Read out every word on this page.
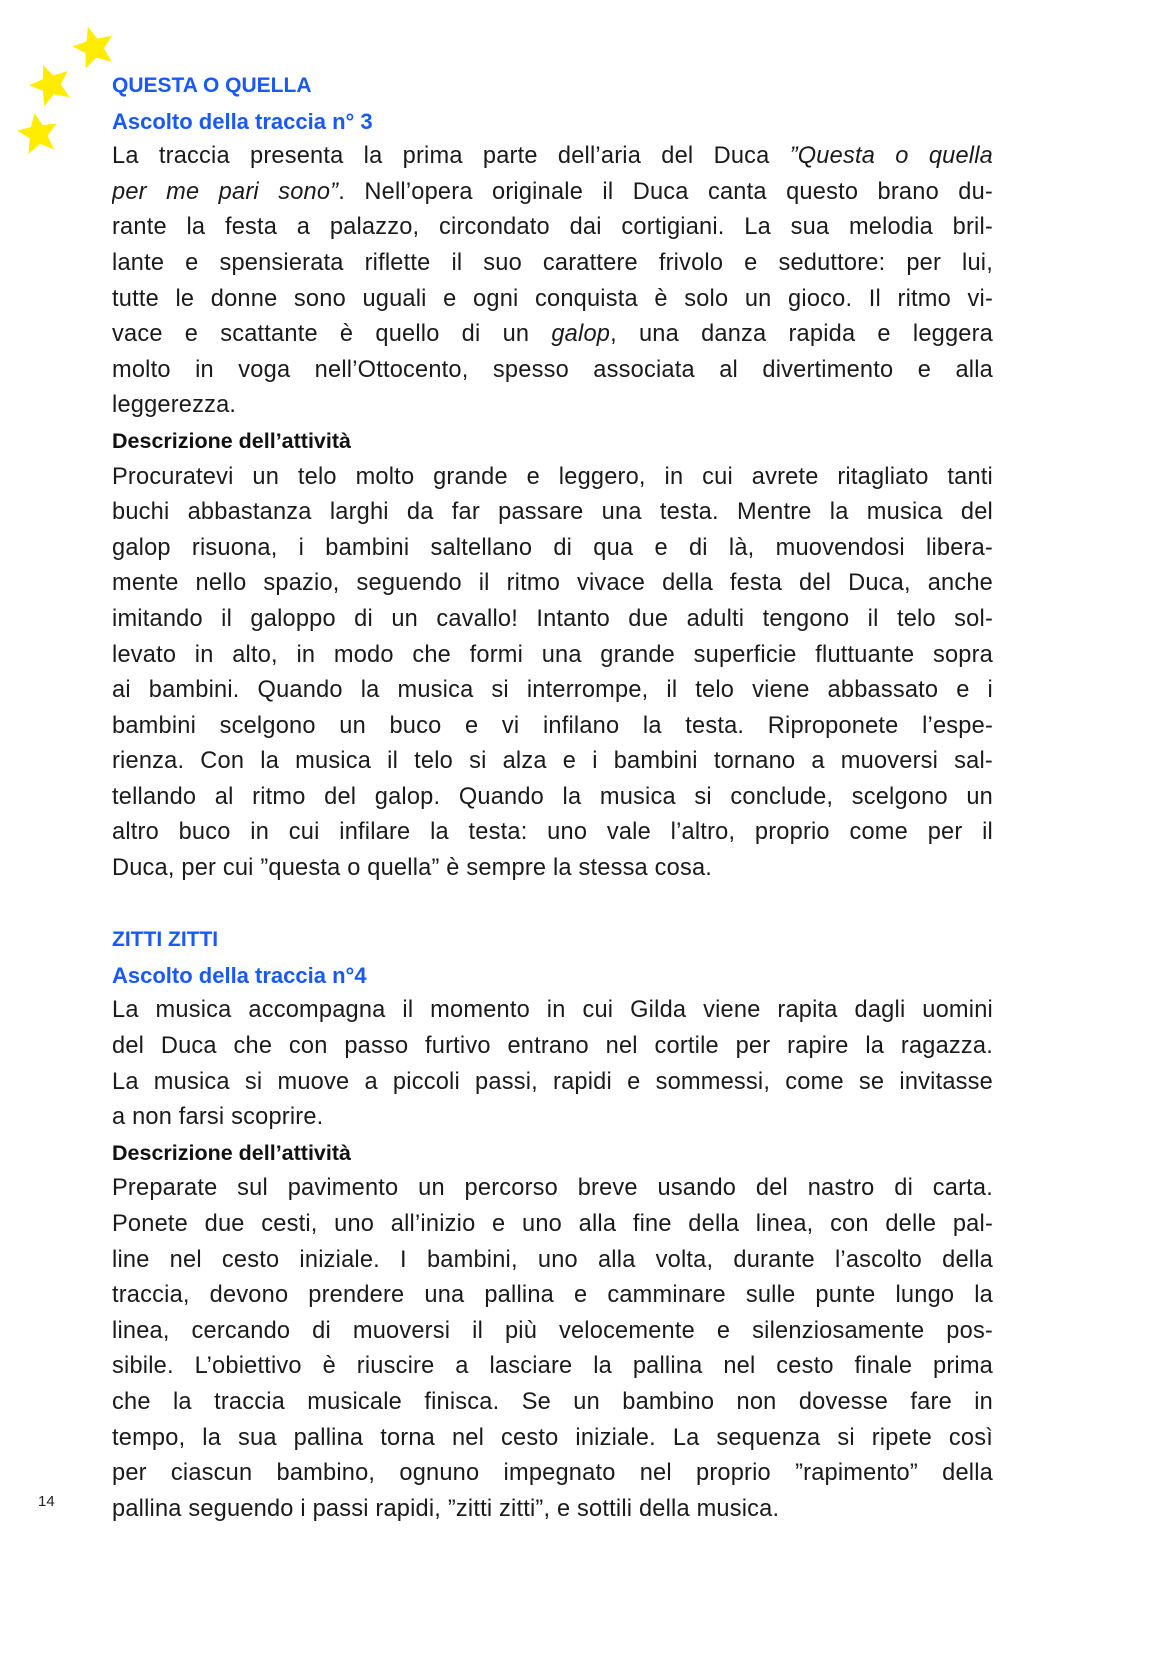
QUESTA O QUELLA
Ascolto della traccia n° 3
La traccia presenta la prima parte dell’aria del Duca ”Questa o quella
per me pari sono”. Nell’opera originale il Duca canta questo brano du-
rante la festa a palazzo, circondato dai cortigiani. La sua melodia bril-
lante e spensierata riflette il suo carattere frivolo e seduttore: per lui,
tutte le donne sono uguali e ogni conquista è solo un gioco. Il ritmo vi-
vace e scattante è quello di un galop, una danza rapida e leggera
molto in voga nell’Ottocento, spesso associata al divertimento e alla
leggerezza.
Descrizione dell’attività
Procuratevi un telo molto grande e leggero, in cui avrete ritagliato tanti
buchi abbastanza larghi da far passare una testa. Mentre la musica del
galop risuona, i bambini saltellano di qua e di là, muovendosi libera-
mente nello spazio, seguendo il ritmo vivace della festa del Duca, anche
imitando il galoppo di un cavallo! Intanto due adulti tengono il telo sol-
levato in alto, in modo che formi una grande superficie fluttuante sopra
ai bambini. Quando la musica si interrompe, il telo viene abbassato e i
bambini scelgono un buco e vi infilano la testa. Riproponete l’espe-
rienza. Con la musica il telo si alza e i bambini tornano a muoversi sal-
tellando al ritmo del galop. Quando la musica si conclude, scelgono un
altro buco in cui infilare la testa: uno vale l’altro, proprio come per il
Duca, per cui ”questa o quella” è sempre la stessa cosa.
ZITTI ZITTI
Ascolto della traccia n°4
La musica accompagna il momento in cui Gilda viene rapita dagli uomini
del Duca che con passo furtivo entrano nel cortile per rapire la ragazza.
La musica si muove a piccoli passi, rapidi e sommessi, come se invitasse
a non farsi scoprire.
Descrizione dell’attività
Preparate sul pavimento un percorso breve usando del nastro di carta.
Ponete due cesti, uno all’inizio e uno alla fine della linea, con delle pal-
line nel cesto iniziale. I bambini, uno alla volta, durante l’ascolto della
traccia, devono prendere una pallina e camminare sulle punte lungo la
linea, cercando di muoversi il più velocemente e silenziosamente pos-
sibile. L’obiettivo è riuscire a lasciare la pallina nel cesto finale prima
che la traccia musicale finisca. Se un bambino non dovesse fare in
tempo, la sua pallina torna nel cesto iniziale. La sequenza si ripete così
per ciascun bambino, ognuno impegnato nel proprio ”rapimento” della
pallina seguendo i passi rapidi, ”zitti zitti”, e sottili della musica.
14
